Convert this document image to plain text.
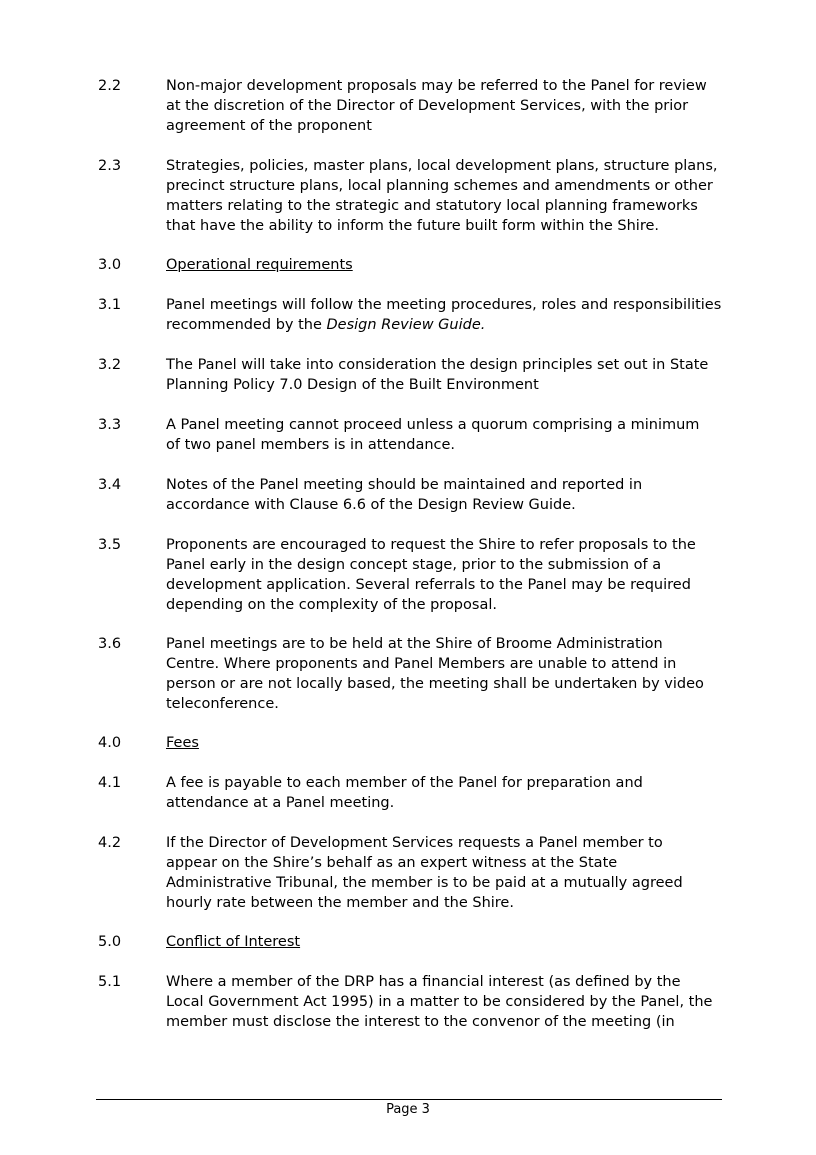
2.2	Non-major development proposals may be referred to the Panel for review
at the discretion of the Director of Development Services, with the prior
agreement of the proponent
2.3	Strategies, policies, master plans, local development plans, structure plans,
precinct structure plans, local planning schemes and amendments or other
matters relating to the strategic and statutory local planning frameworks
that have the ability to inform the future built form within the Shire.
3.0	Operational requirements
3.1	Panel meetings will follow the meeting procedures, roles and responsibilities
recommended by the Design Review Guide.
3.2	The Panel will take into consideration the design principles set out in State
Planning Policy 7.0 Design of the Built Environment
3.3	A Panel meeting cannot proceed unless a quorum comprising a minimum
of two panel members is in attendance.
3.4	Notes of the Panel meeting should be maintained and reported in
accordance with Clause 6.6 of the Design Review Guide.
3.5	Proponents are encouraged to request the Shire to refer proposals to the
Panel early in the design concept stage, prior to the submission of a
development application. Several referrals to the Panel may be required
depending on the complexity of the proposal.
3.6	Panel meetings are to be held at the Shire of Broome Administration
Centre. Where proponents and Panel Members are unable to attend in
person or are not locally based, the meeting shall be undertaken by video
teleconference.
4.0	Fees
4.1	A fee is payable to each member of the Panel for preparation and
attendance at a Panel meeting.
4.2	If the Director of Development Services requests a Panel member to
appear on the Shire’s behalf as an expert witness at the State
Administrative Tribunal, the member is to be paid at a mutually agreed
hourly rate between the member and the Shire.
5.0	Conflict of Interest
5.1	Where a member of the DRP has a financial interest (as defined by the
Local Government Act 1995) in a matter to be considered by the Panel, the
member must disclose the interest to the convenor of the meeting (in
Page 3
